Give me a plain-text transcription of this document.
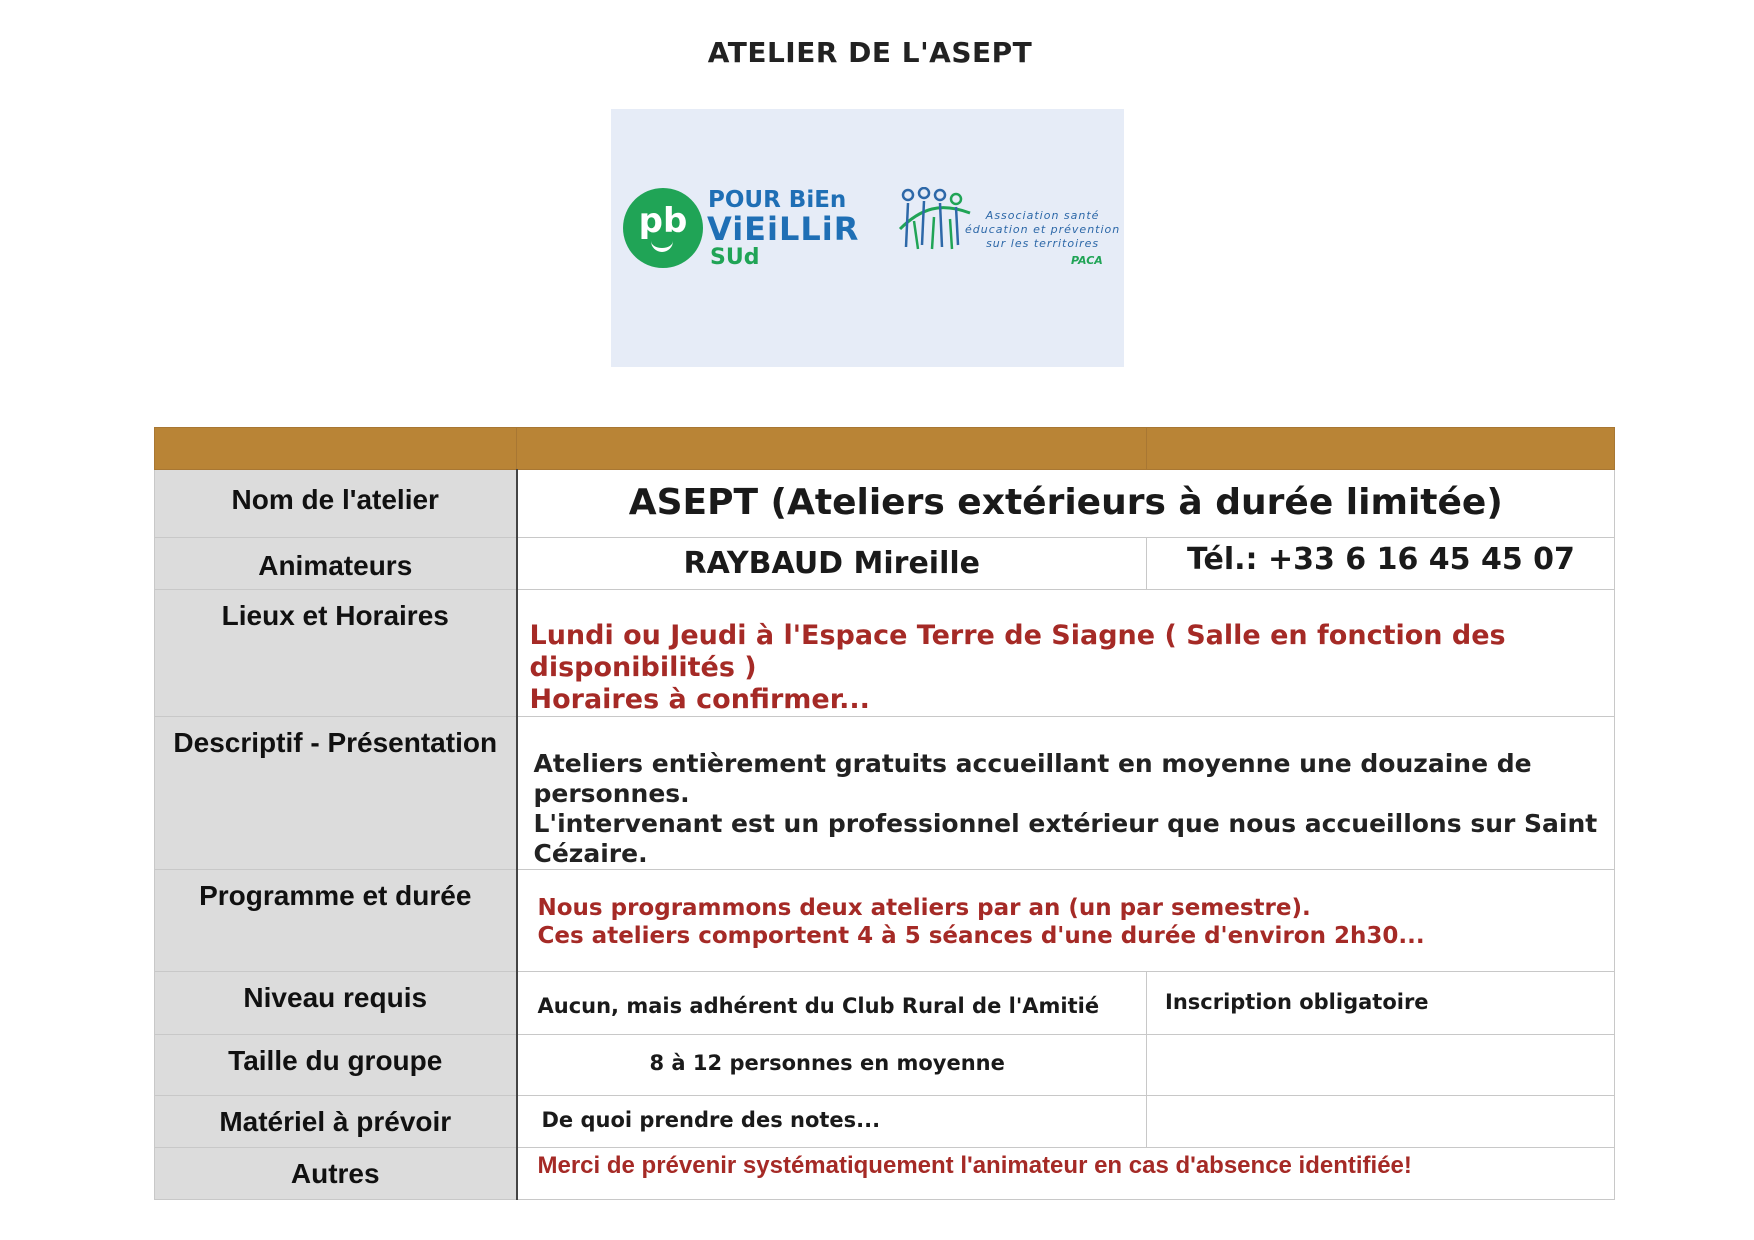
ATELIER DE L'ASEPT
pb
POUR BiEn
ViEiLLiR
SUd
Association santé
éducation et prévention
sur les territoires
PACA

Nom de l'atelier	ASEPT (Ateliers extérieurs à durée limitée)	
Animateurs	RAYBAUD Mireille	Tél.: +33 6 16 45 45 07
Lieux et Horaires	Lundi ou Jeudi à l'Espace Terre de Siagne ( Salle en fonction des disponibilités )
Horaires à confirmer...	

Descriptif - Présentation	Ateliers entièrement gratuits accueillant en moyenne une douzaine de personnes.
L'intervenant est un professionnel extérieur que nous accueillons sur Saint Cézaire.	

Programme et durée	Nous programmons deux ateliers par an (un par semestre).
Ces ateliers comportent 4 à 5 séances d'une durée d'environ 2h30...	

Niveau requis	Aucun, mais adhérent du Club Rural de l'Amitié	Inscription obligatoire
Taille du groupe	8 à 12 personnes en moyenne	
Matériel à prévoir	De quoi prendre des notes...	
Autres	Merci de prévenir systématiquement l'animateur en cas d'absence identifiée!	
